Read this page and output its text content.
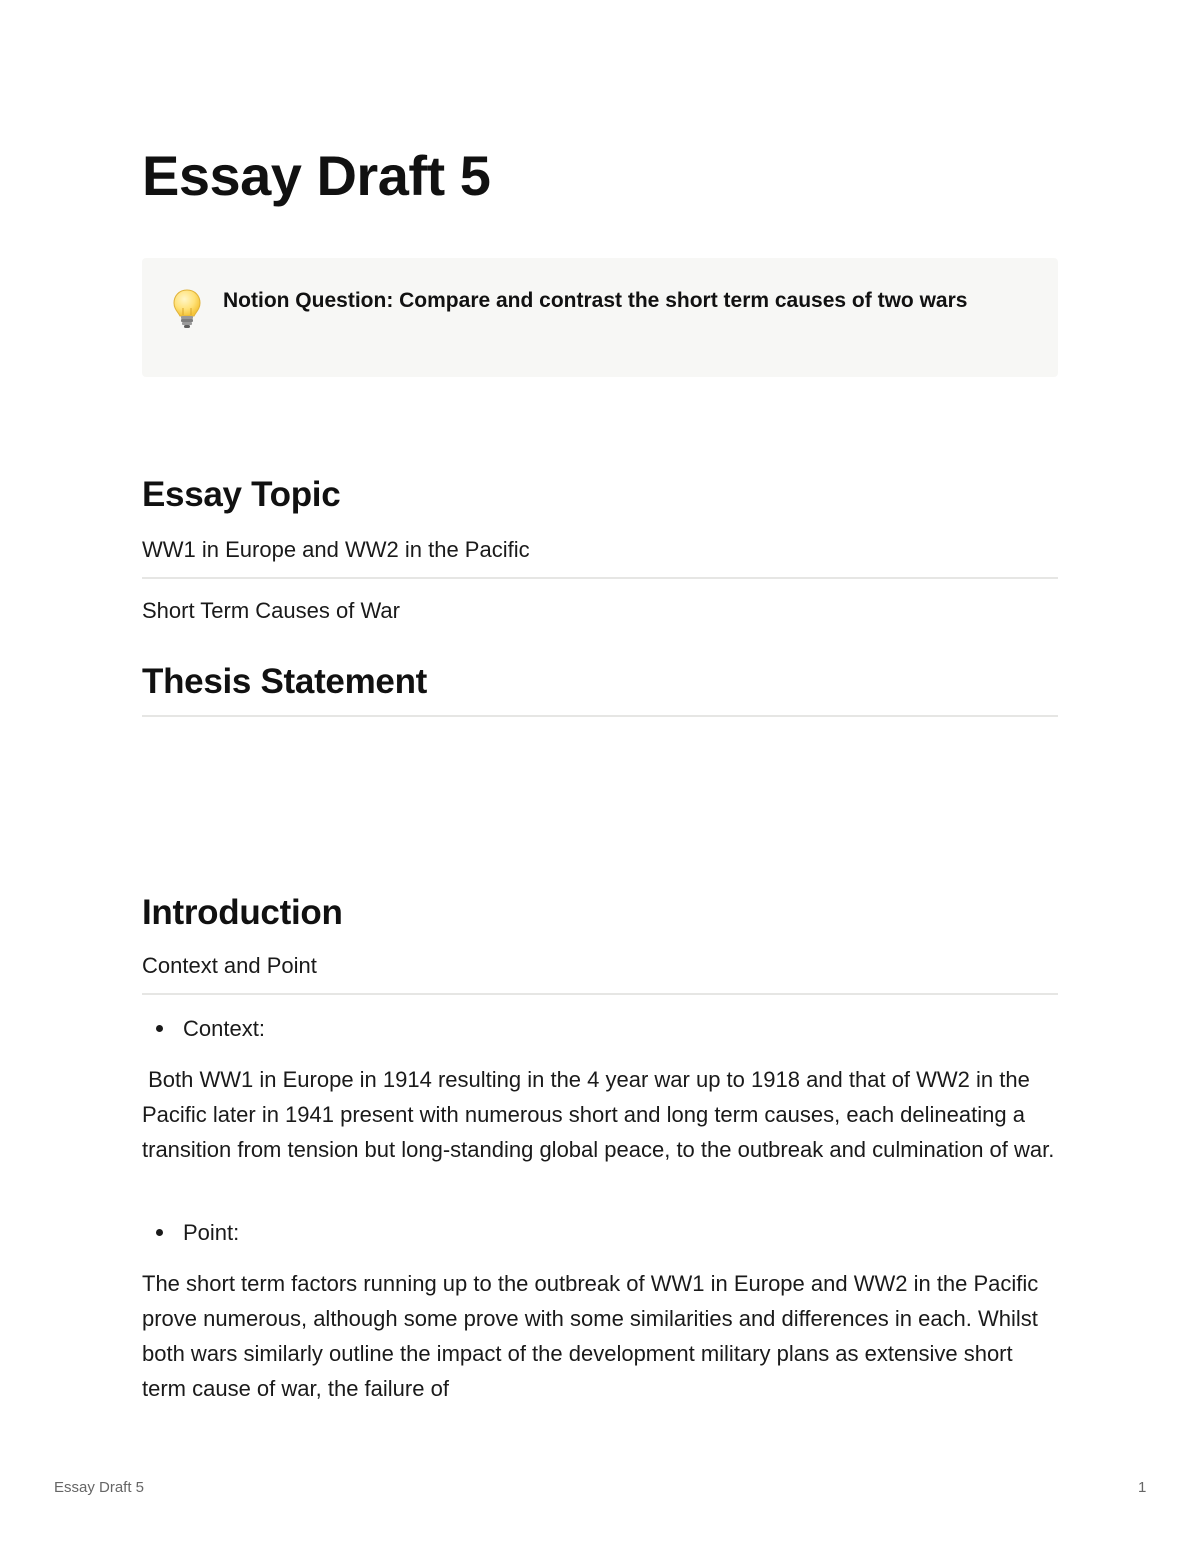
Essay Draft 5
Notion Question: Compare and contrast the short term causes of two wars
Essay Topic

WW1 in Europe and WW2 in the Pacific

Short Term Causes of War

Thesis Statement
Introduction

Context and Point

Context:

Both WW1 in Europe in 1914 resulting in the 4 year war up to 1918 and that of WW2 in the Pacific later in 1941 present with numerous short and long term causes, each delineating a transition from tension but long-standing global peace, to the outbreak and culmination of war.

Point:

The short term factors running up to the outbreak of WW1 in Europe and WW2 in the Pacific prove numerous, although some prove with some similarities and differences in each. Whilst both wars similarly outline the impact of the development military plans as extensive short term cause of war, the failure of

Essay Draft 5	1
